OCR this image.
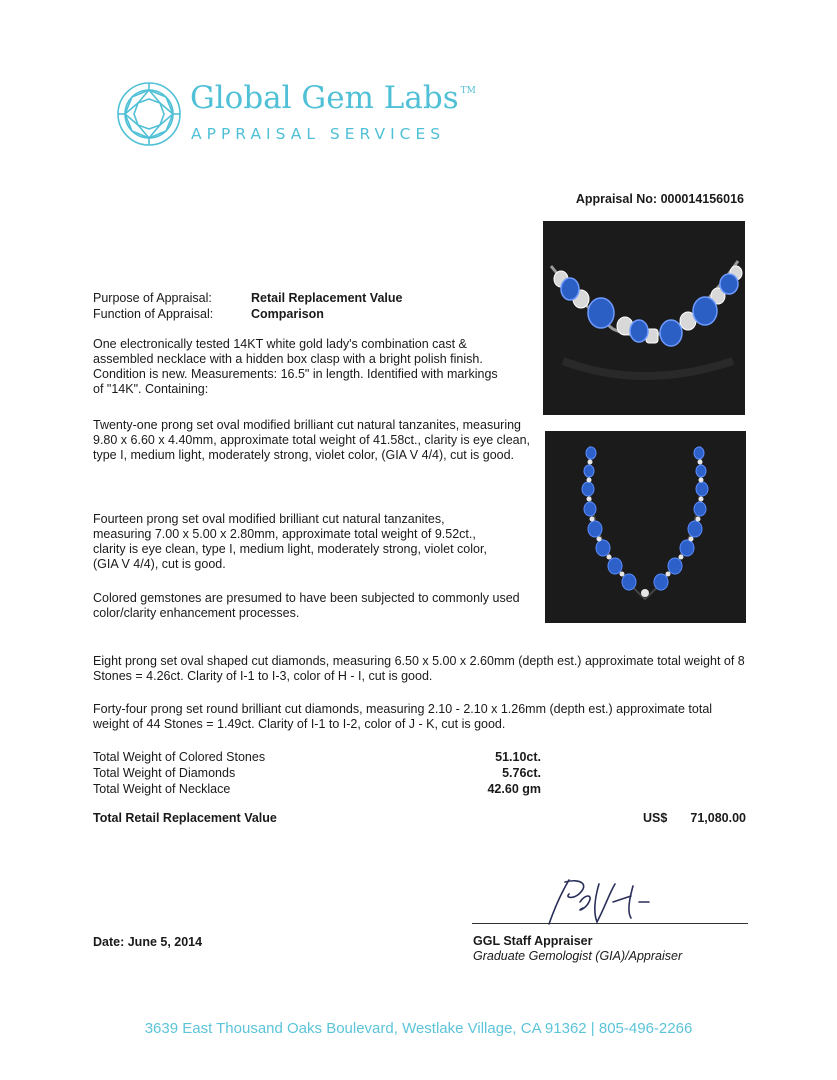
Global Gem Labs ™
APPRAISAL SERVICES
Appraisal No: 000014156016
Purpose of Appraisal:	Retail Replacement Value
Function of Appraisal:	Comparison

One electronically tested 14KT white gold lady's combination cast & assembled necklace with a hidden box clasp with a bright polish finish. Condition is new. Measurements: 16.5" in length. Identified with markings of "14K". Containing:

Twenty-one prong set oval modified brilliant cut natural tanzanites, measuring 9.80 x 6.60 x 4.40mm, approximate total weight of 41.58ct., clarity is eye clean, type I, medium light, moderately strong, violet color, (GIA V 4/4), cut is good.

Fourteen prong set oval modified brilliant cut natural tanzanites, measuring 7.00 x 5.00 x 2.80mm, approximate total weight of 9.52ct., clarity is eye clean, type I, medium light, moderately strong, violet color, (GIA V 4/4), cut is good.

Colored gemstones are presumed to have been subjected to commonly used color/clarity enhancement processes.

Eight prong set oval shaped cut diamonds, measuring 6.50 x 5.00 x 2.60mm (depth est.) approximate total weight of 8 Stones = 4.26ct. Clarity of I-1 to I-3, color of H - I, cut is good.

Forty-four prong set round brilliant cut diamonds, measuring 2.10 - 2.10 x 1.26mm (depth est.) approximate total weight of 44 Stones = 1.49ct. Clarity of I-1 to I-2, color of J - K, cut is good.

Total Weight of Colored Stones	51.10ct.
Total Weight of Diamonds	5.76ct.
Total Weight of Necklace	42.60 gm
Total Retail Replacement Value	US$ 71,080.00
Date: June 5, 2014	GGL Staff Appraiser
Graduate Gemologist (GIA)/Appraiser
3639 East Thousand Oaks Boulevard, Westlake Village, CA 91362 | 805-496-2266
